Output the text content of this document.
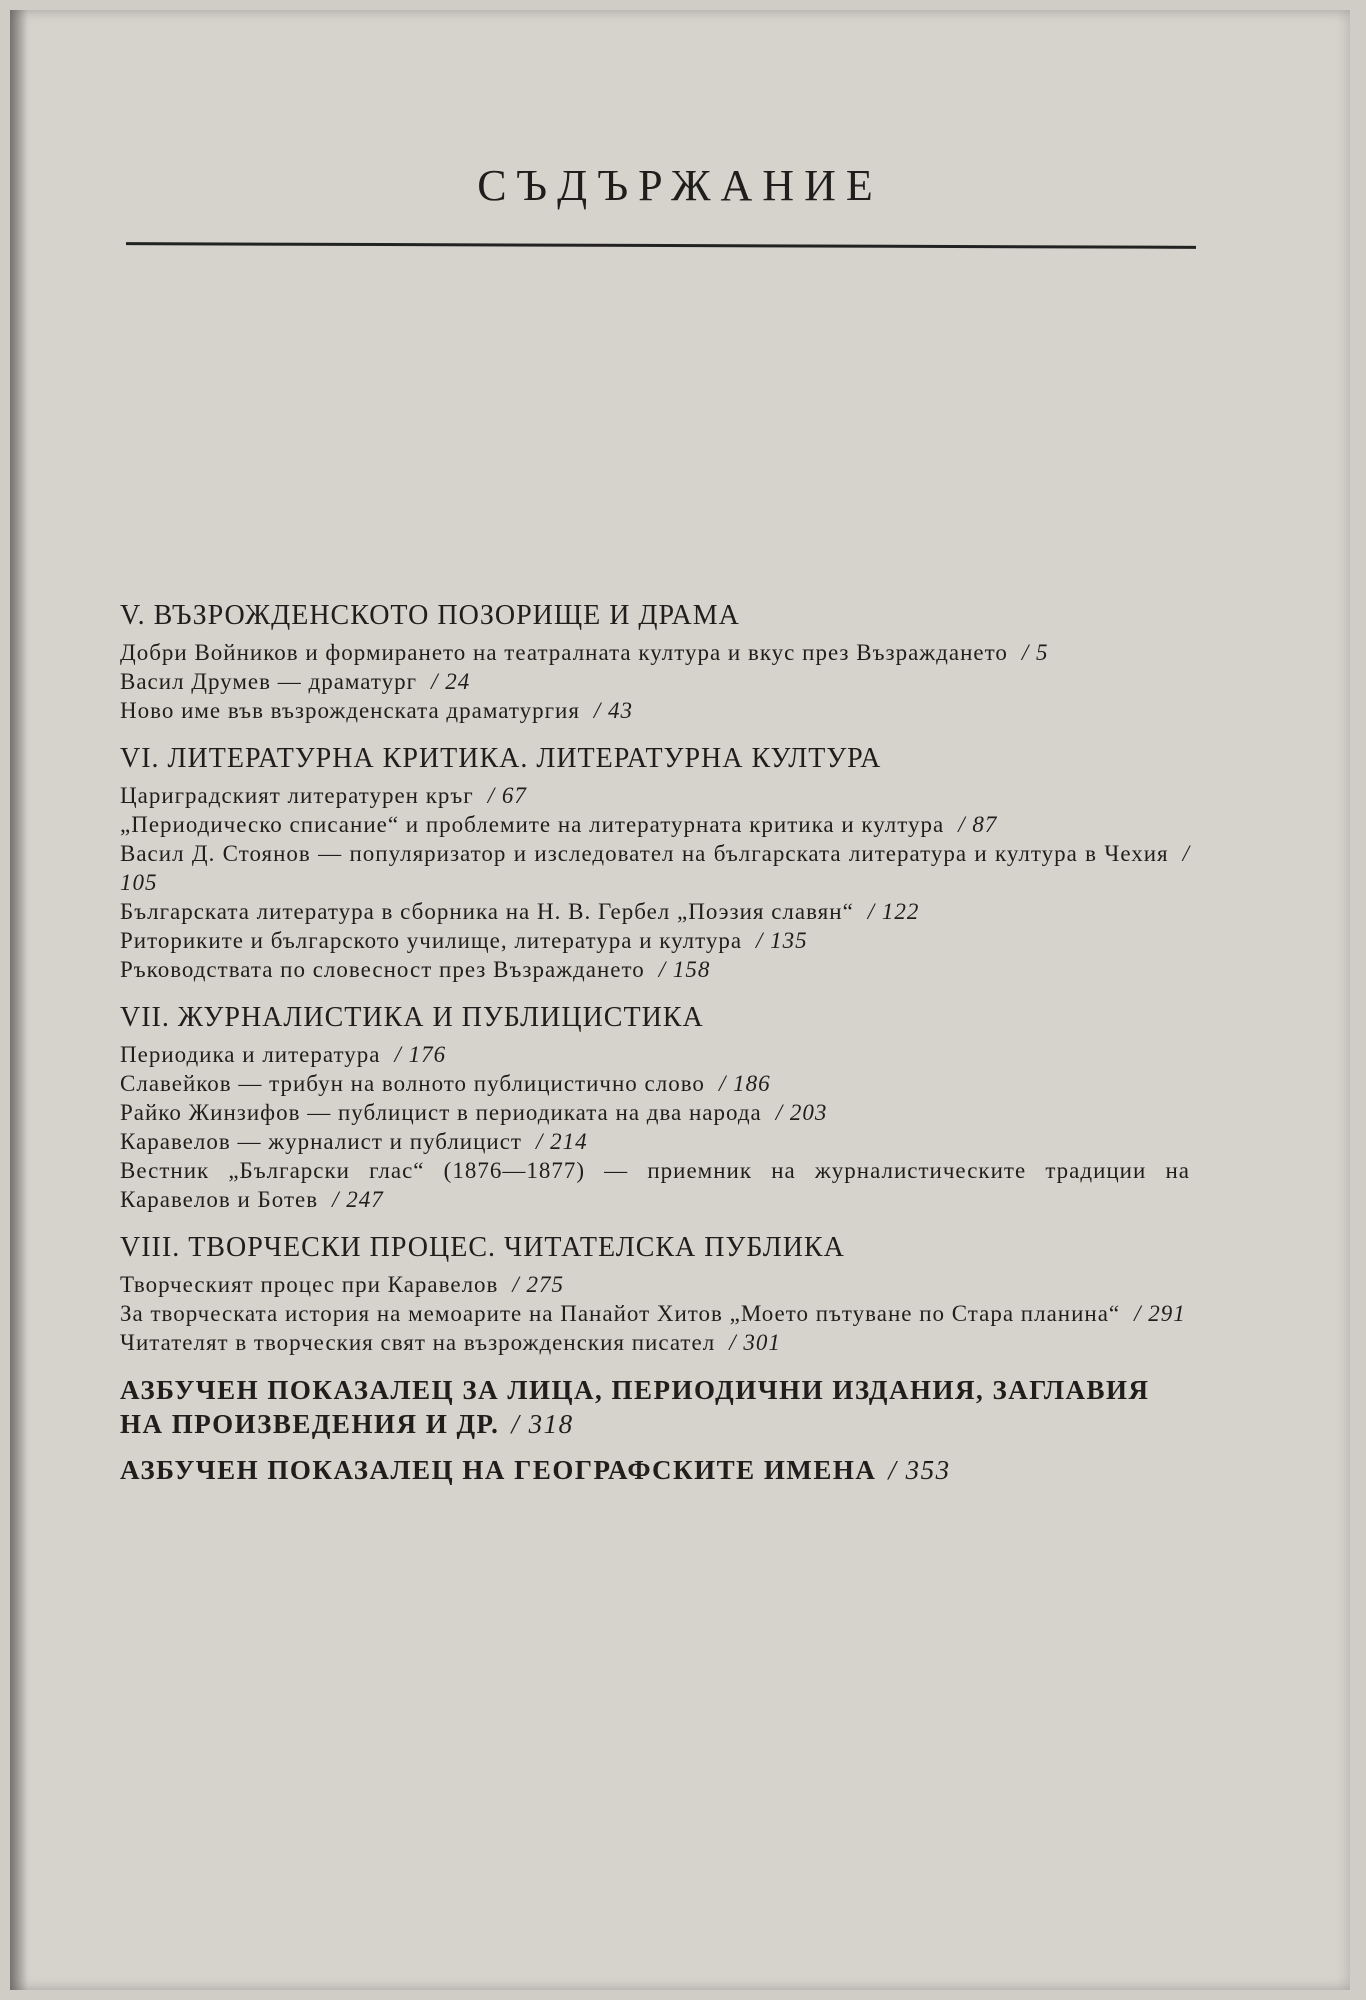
СЪДЪРЖАНИЕ
V. ВЪЗРОЖДЕНСКОТО ПОЗОРИЩЕ И ДРАМА
Добри Войников и формирането на театралната култура и вкус през Възраждането / 5
Васил Друмев — драматург / 24
Ново име във възрожденската драматургия / 43
VI. ЛИТЕРАТУРНА КРИТИКА. ЛИТЕРАТУРНА КУЛТУРА
Цариградският литературен кръг / 67
„Периодическо списание“ и проблемите на литературната критика и култура / 87
Васил Д. Стоянов — популяризатор и изследовател на българската литература и култура в Чехия / 105
Българската литература в сборника на Н. В. Гербел „Поэзия славян“ / 122
Риториките и българското училище, литература и култура / 135
Ръководствата по словесност през Възраждането / 158
VII. ЖУРНАЛИСТИКА И ПУБЛИЦИСТИКА
Периодика и литература / 176
Славейков — трибун на волното публицистично слово / 186
Райко Жинзифов — публицист в периодиката на два народа / 203
Каравелов — журналист и публицист / 214
Вестник „Български глас“ (1876—1877) — приемник на журналистическите традиции на Каравелов и Ботев / 247
VIII. ТВОРЧЕСКИ ПРОЦЕС. ЧИТАТЕЛСКА ПУБЛИКА
Творческият процес при Каравелов / 275
За творческата история на мемоарите на Панайот Хитов „Моето пътуване по Стара планина“ / 291
Читателят в творческия свят на възрожденския писател / 301
АЗБУЧЕН ПОКАЗАЛЕЦ ЗА ЛИЦА, ПЕРИОДИЧНИ ИЗДАНИЯ, ЗАГЛАВИЯ НА ПРОИЗВЕДЕНИЯ И ДР. / 318
АЗБУЧЕН ПОКАЗАЛЕЦ НА ГЕОГРАФСКИТЕ ИМЕНА / 353
